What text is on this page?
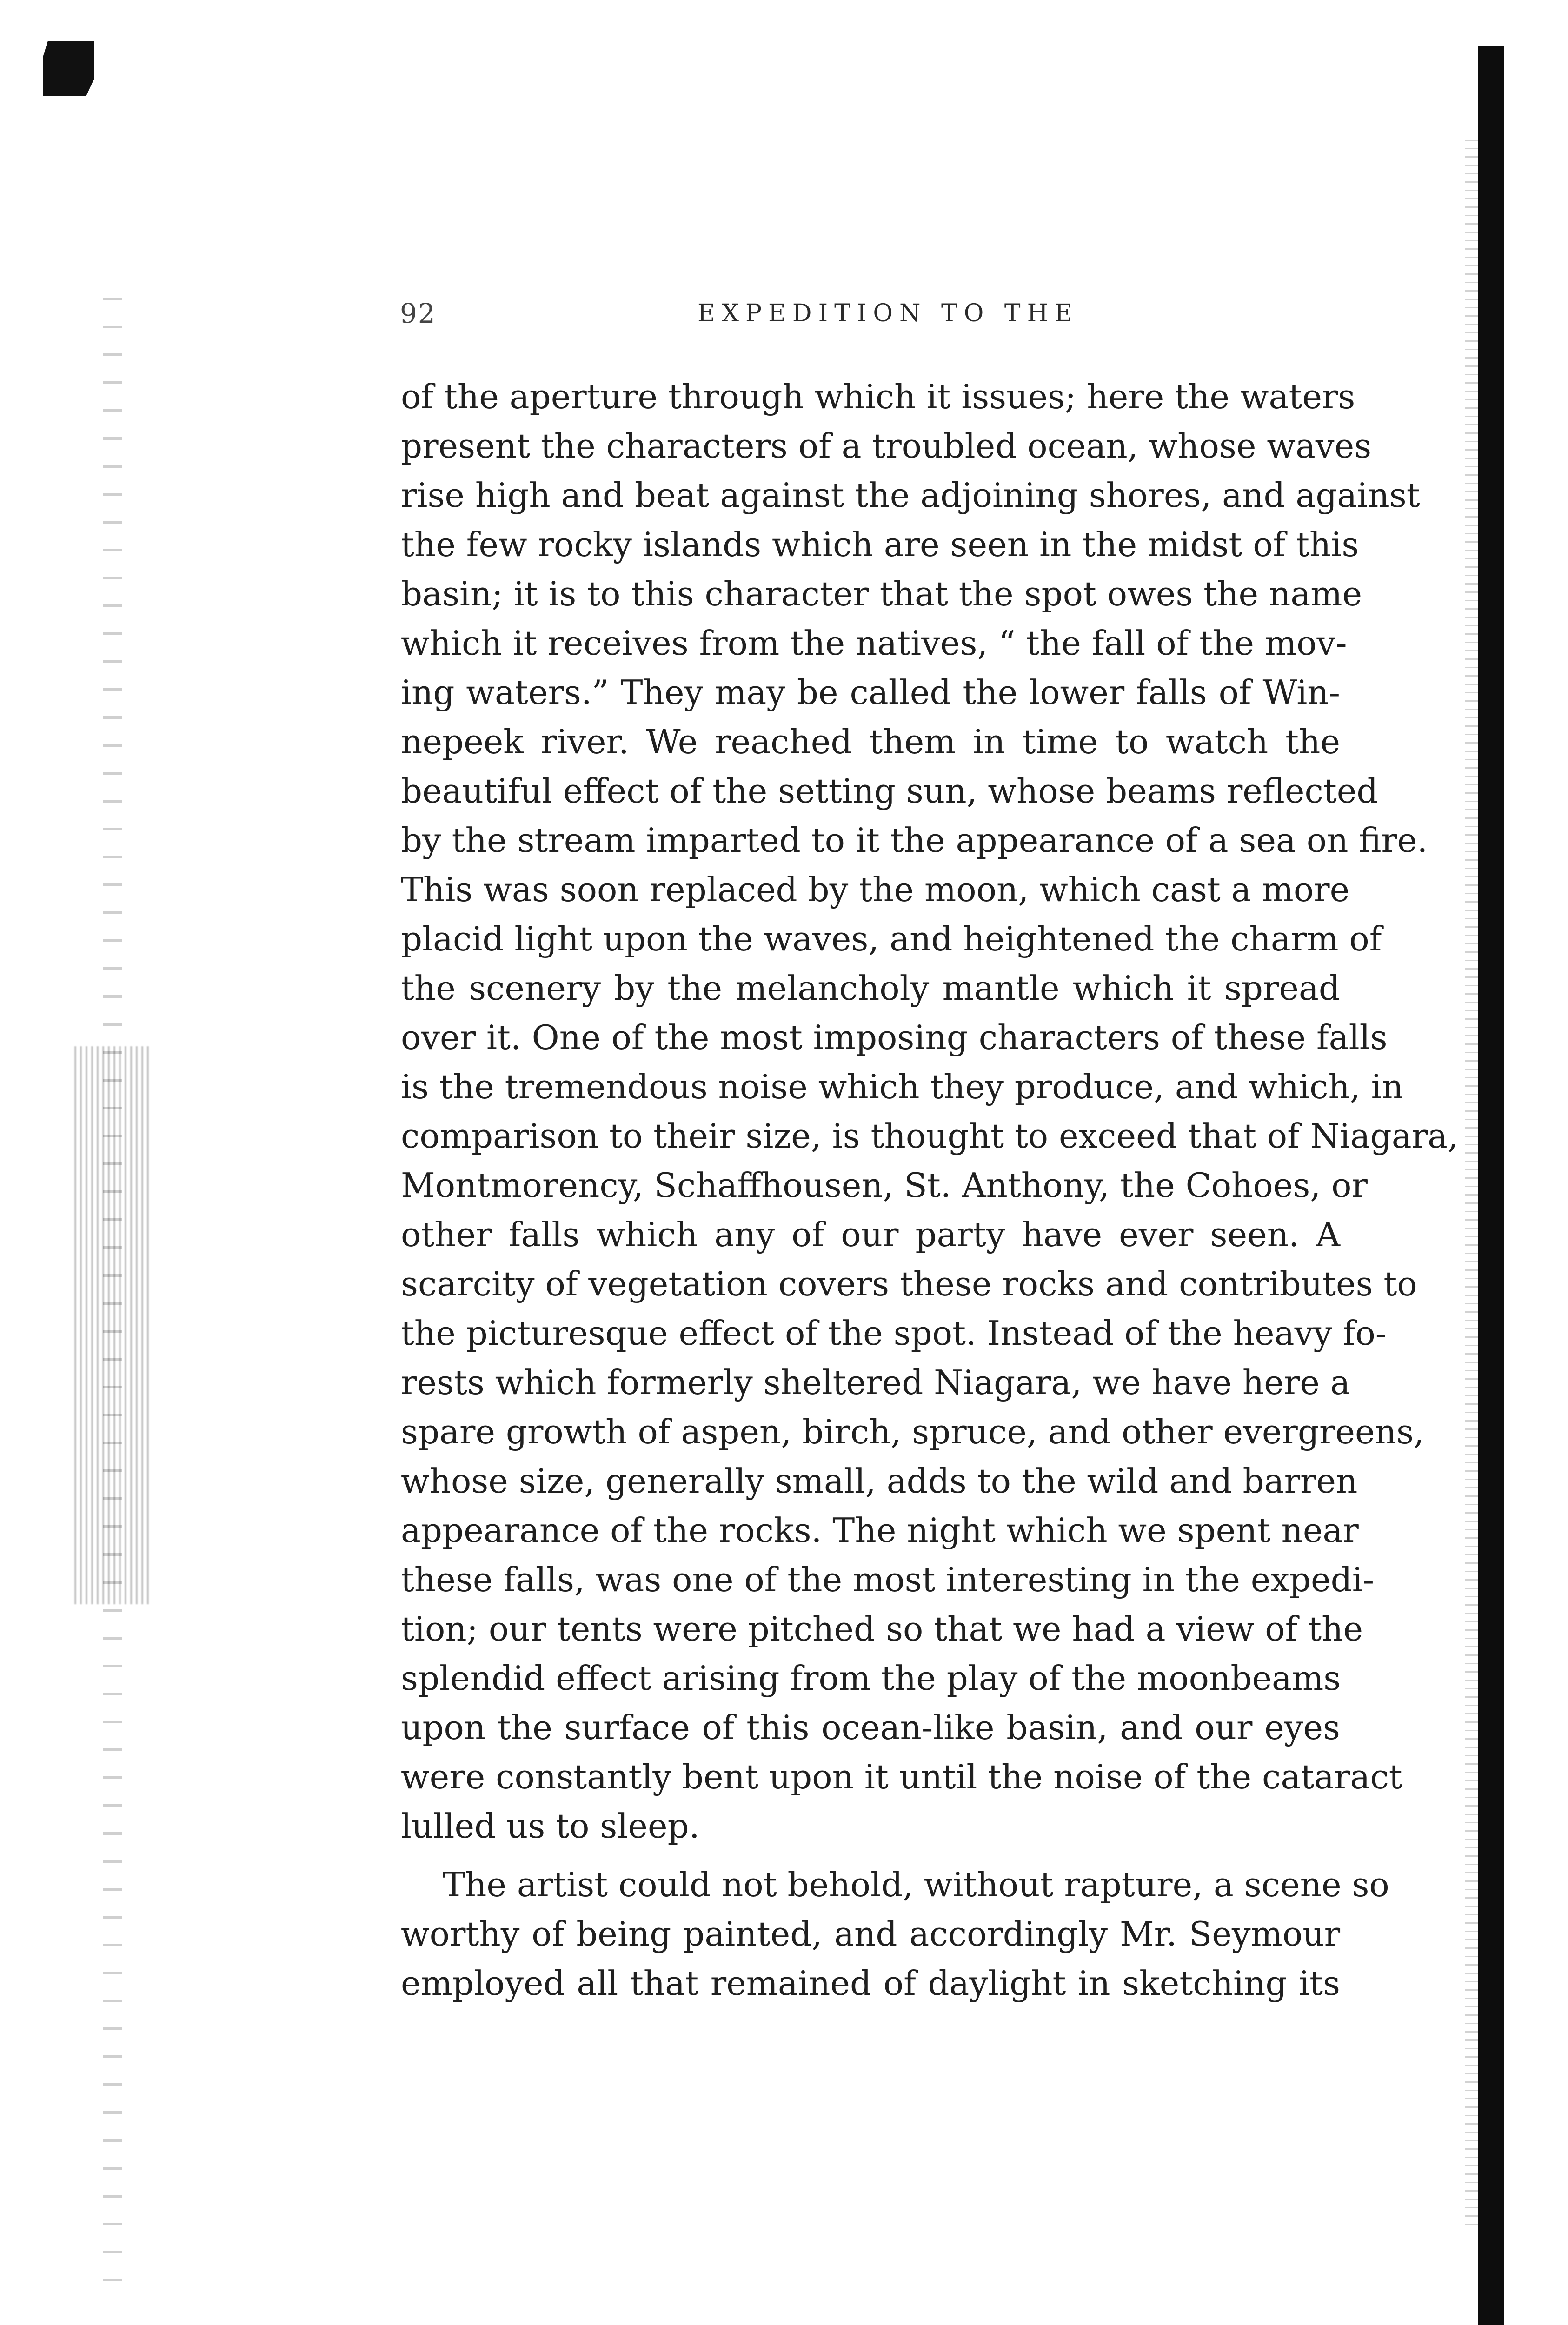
92	EXPEDITION TO THE
of the aperture through which it issues; here the waters
present the characters of a troubled ocean, whose waves
rise high and beat against the adjoining shores, and against
the few rocky islands which are seen in the midst of this
basin; it is to this character that the spot owes the name
which it receives from the natives, “ the fall of the mov-
ing waters.” They may be called the lower falls of Win-
nepeek river. We reached them in time to watch the
beautiful effect of the setting sun, whose beams reflected
by the stream imparted to it the appearance of a sea on fire.
This was soon replaced by the moon, which cast a more
placid light upon the waves, and heightened the charm of
the scenery by the melancholy mantle which it spread
over it. One of the most imposing characters of these falls
is the tremendous noise which they produce, and which, in
comparison to their size, is thought to exceed that of Niagara,
Montmorency, Schaffhousen, St. Anthony, the Cohoes, or
other falls which any of our party have ever seen. A
scarcity of vegetation covers these rocks and contributes to
the picturesque effect of the spot. Instead of the heavy fo-
rests which formerly sheltered Niagara, we have here a
spare growth of aspen, birch, spruce, and other evergreens,
whose size, generally small, adds to the wild and barren
appearance of the rocks. The night which we spent near
these falls, was one of the most interesting in the expedi-
tion; our tents were pitched so that we had a view of the
splendid effect arising from the play of the moonbeams
upon the surface of this ocean-like basin, and our eyes
were constantly bent upon it until the noise of the cataract
lulled us to sleep.
The artist could not behold, without rapture, a scene so
worthy of being painted, and accordingly Mr. Seymour
employed all that remained of daylight in sketching its
